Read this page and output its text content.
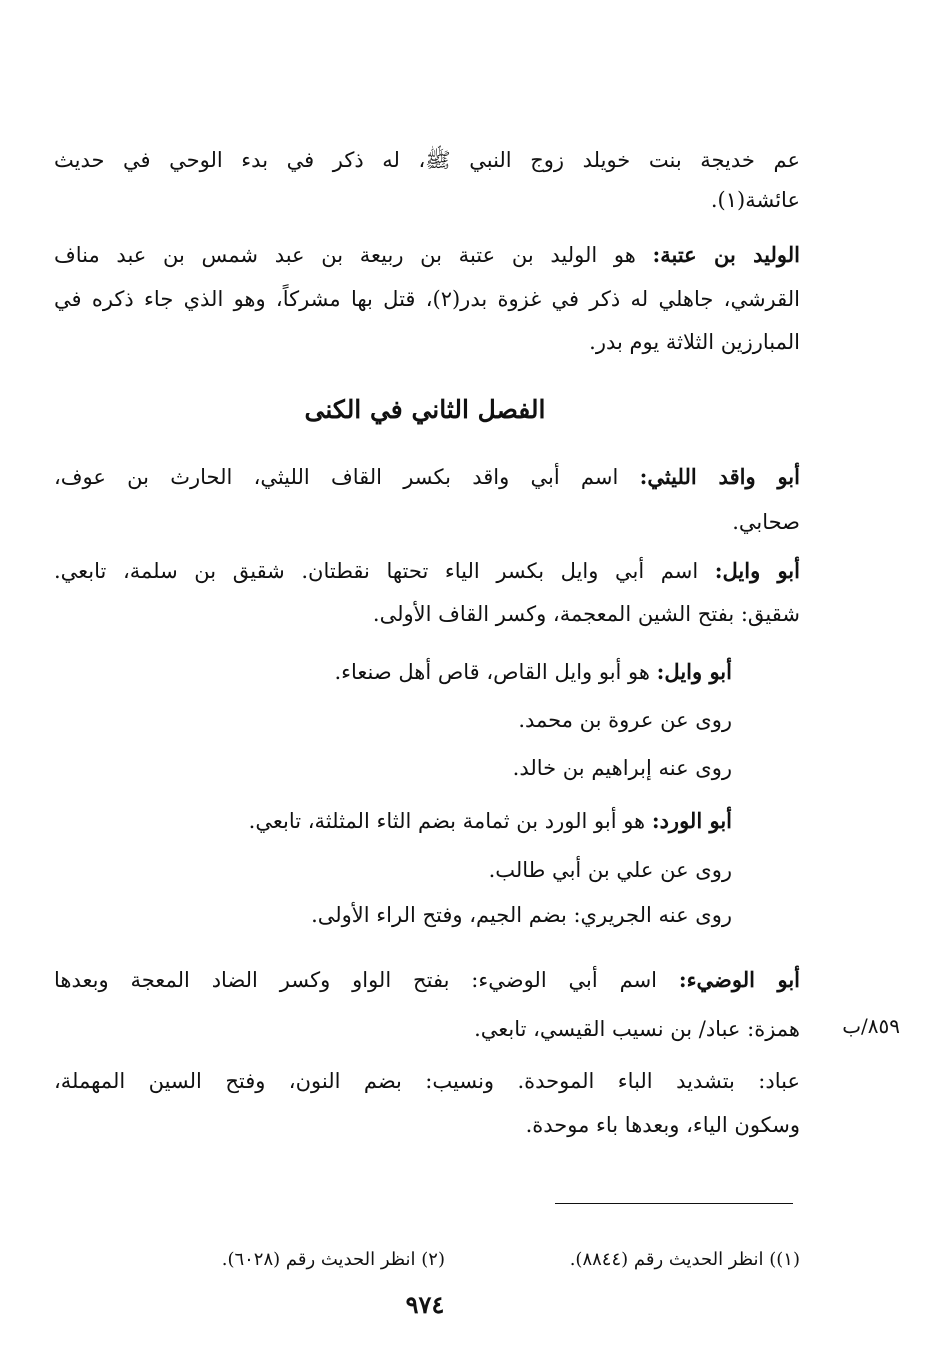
عم خديجة بنت خويلد زوج النبي ﷺ، له ذكر في بدء الوحي في حديث
عائشة(١).
الوليد بن عتبة: هو الوليد بن عتبة بن ربيعة بن عبد شمس بن عبد مناف
القرشي، جاهلي له ذكر في غزوة بدر(٢)، قتل بها مشركاً، وهو الذي جاء ذكره في
المبارزين الثلاثة يوم بدر.
الفصل الثاني في الكنى
أبو واقد الليثي: اسم أبي واقد بكسر القاف الليثي، الحارث بن عوف،
صحابي.
أبو وايل: اسم أبي وايل بكسر الياء تحتها نقطتان. شقيق بن سلمة، تابعي.
شقيق: بفتح الشين المعجمة، وكسر القاف الأولى.
أبو وايل: هو أبو وايل القاص، قاص أهل صنعاء.
روى عن عروة بن محمد.
روى عنه إبراهيم بن خالد.
أبو الورد: هو أبو الورد بن ثمامة بضم الثاء المثلثة، تابعي.
روى عن علي بن أبي طالب.
روى عنه الجريري: بضم الجيم، وفتح الراء الأولى.
أبو الوضيء: اسم أبي الوضيء: بفتح الواو وكسر الضاد المعجة وبعدها
همزة: عباد/ بن نسيب القيسي، تابعي.	٨٥٩/ب
عباد: بتشديد الباء الموحدة. ونسيب: بضم النون، وفتح السين المهملة،
وسكون الياء، وبعدها باء موحدة.
(١)) انظر الحديث رقم (٨٨٤٤).
(٢) انظر الحديث رقم (٦٠٢٨).
٩٧٤
